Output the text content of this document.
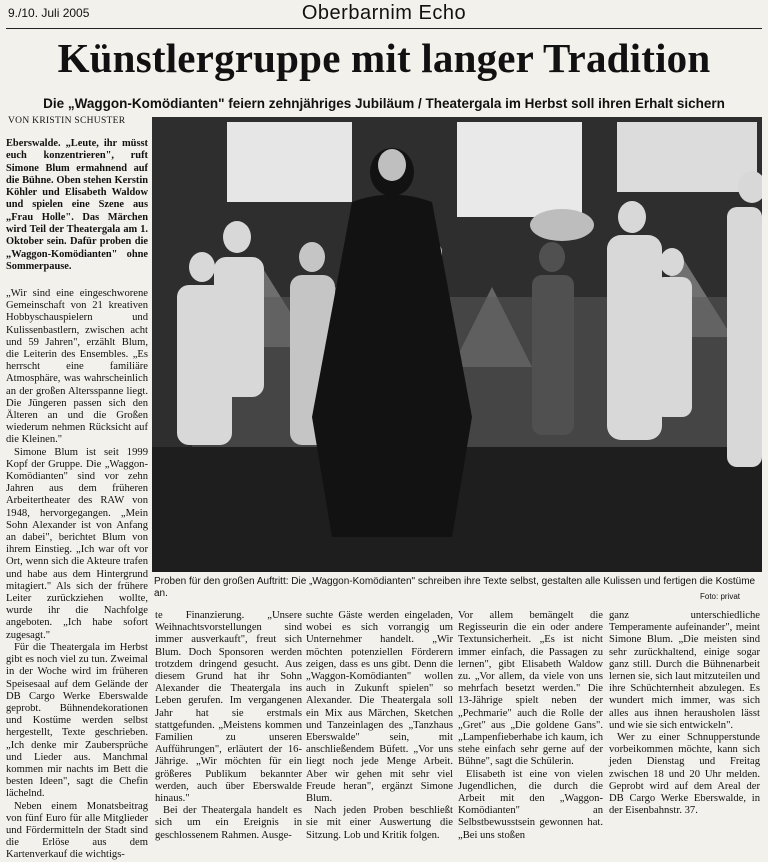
9./10. Juli 2005	Oberbarnim Echo
Künstlergruppe mit langer Tradition
Die „Waggon-Komödianten" feiern zehnjähriges Jubiläum / Theatergala im Herbst soll ihren Erhalt sichern
VON KRISTIN SCHUSTER

Eberswalde. „Leute, ihr müsst euch konzentrieren", ruft Simone Blum ermahnend auf die Bühne. Oben stehen Kerstin Köhler und Elisabeth Waldow und spielen eine Szene aus „Frau Holle". Das Märchen wird Teil der Theatergala am 1. Oktober sein. Dafür proben die „Waggon-Komödianten" ohne Sommerpause.

„Wir sind eine eingeschworene Gemeinschaft von 21 kreativen Hobbyschauspielern und Kulissenbastlern, zwischen acht und 59 Jahren", erzählt Blum, die Leiterin des Ensembles. „Es herrscht eine familiäre Atmosphäre, was wahrscheinlich an der großen Altersspanne liegt. Die Jüngeren passen sich den Älteren an und die Großen wiederum nehmen Rücksicht auf die Kleinen."

Simone Blum ist seit 1999 Kopf der Gruppe. Die „Waggon-Komödianten" sind vor zehn Jahren aus dem früheren Arbeitertheater des RAW von 1948, hervorgegangen. „Mein Sohn Alexander ist von Anfang an dabei", berichtet Blum von ihrem Einstieg. „Ich war oft vor Ort, wenn sich die Akteure trafen und habe aus dem Hintergrund mitagiert." Als sich der frühere Leiter zurückziehen wollte, wurde ihr die Nachfolge angeboten. „Ich habe sofort zugesagt."

Für die Theatergala im Herbst gibt es noch viel zu tun. Zweimal in der Woche wird im früheren Speisesaal auf dem Gelände der DB Cargo Werke Eberswalde geprobt. Bühnendekorationen und Kostüme werden selbst hergestellt, Texte geschrieben. „Ich denke mir Zaubersprüche und Lieder aus. Manchmal kommen mir nachts im Bett die besten Ideen", sagt die Chefin lächelnd.

Neben einem Monatsbeitrag von fünf Euro für alle Mitglieder und Fördermitteln der Stadt sind die Erlöse aus dem Kartenverkauf die wichtigs-

Proben für den großen Auftritt: Die „Waggon-Komödianten" schreiben ihre Texte selbst, gestalten alle Kulissen und fertigen die Kostüme an.	Foto: privat

te Finanzierung. „Unsere Weihnachtsvorstellungen sind immer ausverkauft", freut sich Blum. Doch Sponsoren werden trotzdem dringend gesucht. Aus diesem Grund hat ihr Sohn Alexander die Theatergala ins Leben gerufen. Im vergangenen Jahr hat sie erstmals stattgefunden. „Meistens kommen Familien zu unseren Aufführungen", erläutert der 16-Jährige. „Wir möchten für ein größeres Publikum bekannter werden, auch über Eberswalde hinaus."

Bei der Theatergala handelt es sich um ein Ereignis in geschlossenem Rahmen. Ausge-

suchte Gäste werden eingeladen, wobei es sich vorrangig um Unternehmer handelt. „Wir möchten potenziellen Förderern zeigen, dass es uns gibt. Denn die „Waggon-Komödianten" wollen auch in Zukunft spielen" so Alexander. Die Theatergala soll ein Mix aus Märchen, Sketchen und Tanzeinlagen des „Tanzhaus Eberswalde" sein, mit anschließendem Büfett. „Vor uns liegt noch jede Menge Arbeit. Aber wir gehen mit sehr viel Freude heran", ergänzt Simone Blum.

Nach jeden Proben beschließt sie mit einer Auswertung die Sitzung. Lob und Kritik folgen.

Vor allem bemängelt die Regisseurin die ein oder andere Textunsicherheit. „Es ist nicht immer einfach, die Passagen zu lernen", gibt Elisabeth Waldow zu. „Vor allem, da viele von uns mehrfach besetzt werden." Die 13-Jährige spielt neben der „Pechmarie" auch die Rolle der „Gret" aus „Die goldene Gans". „Lampenfieberhabe ich kaum, ich stehe einfach sehr gerne auf der Bühne", sagt die Schülerin.

Elisabeth ist eine von vielen Jugendlichen, die durch die Arbeit mit den „Waggon-Komödianten" an Selbstbewusstsein gewonnen hat. „Bei uns stoßen

ganz unterschiedliche Temperamente aufeinander", meint Simone Blum. „Die meisten sind sehr zurückhaltend, einige sogar ganz still. Durch die Bühnenarbeit lernen sie, sich laut mitzuteilen und ihre Schüchternheit abzulegen. Es wundert mich immer, was sich alles aus ihnen herausholen lässt und wie sie sich entwickeln".

Wer zu einer Schnupperstunde vorbeikommen möchte, kann sich jeden Dienstag und Freitag zwischen 18 und 20 Uhr melden. Geprobt wird auf dem Areal der DB Cargo Werke Eberswalde, in der Eisenbahnstr. 37.
